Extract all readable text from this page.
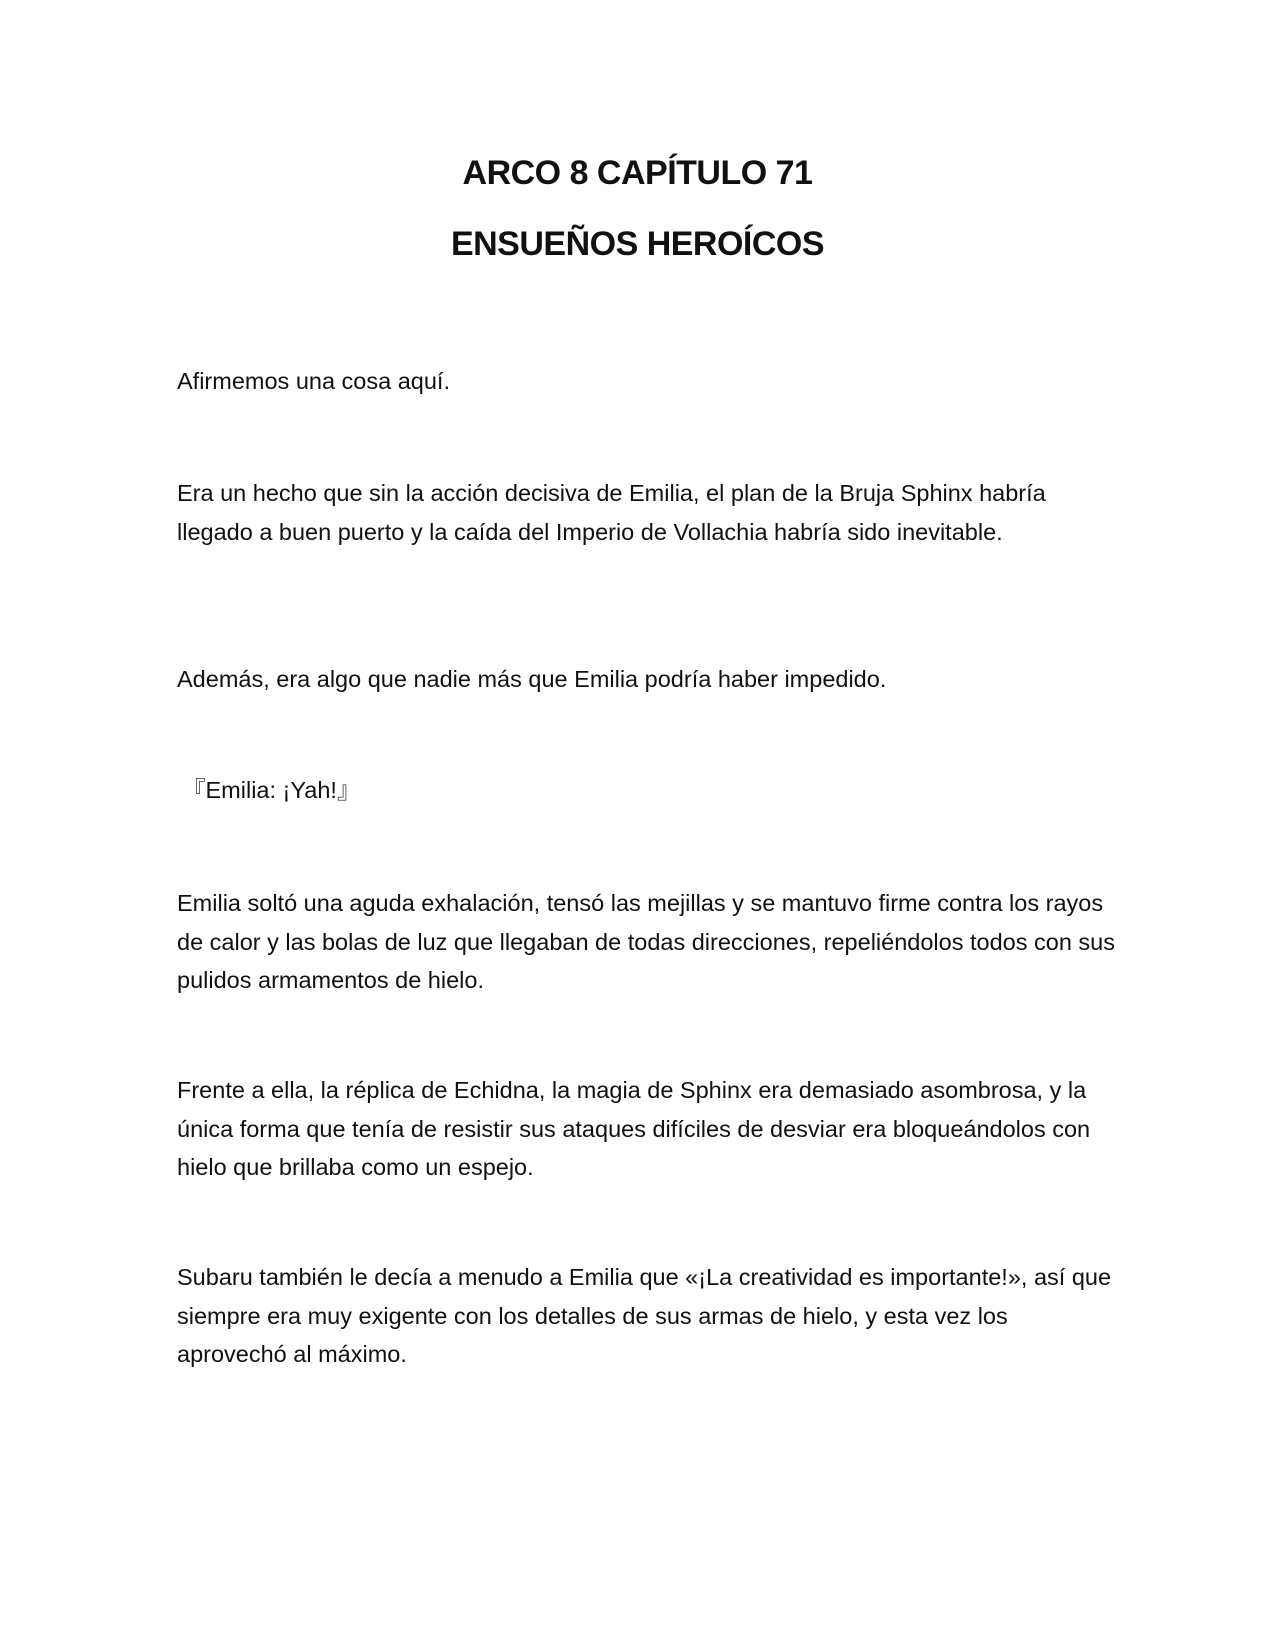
ARCO 8 CAPÍTULO 71
ENSUEÑOS HEROÍCOS

Afirmemos una cosa aquí.

Era un hecho que sin la acción decisiva de Emilia, el plan de la Bruja Sphinx habría llegado a buen puerto y la caída del Imperio de Vollachia habría sido inevitable.

Además, era algo que nadie más que Emilia podría haber impedido.

『Emilia: ¡Yah!』

Emilia soltó una aguda exhalación, tensó las mejillas y se mantuvo firme contra los rayos de calor y las bolas de luz que llegaban de todas direcciones, repeliéndolos todos con sus pulidos armamentos de hielo.

Frente a ella, la réplica de Echidna, la magia de Sphinx era demasiado asombrosa, y la única forma que tenía de resistir sus ataques difíciles de desviar era bloqueándolos con hielo que brillaba como un espejo.

Subaru también le decía a menudo a Emilia que «¡La creatividad es importante!», así que siempre era muy exigente con los detalles de sus armas de hielo, y esta vez los aprovechó al máximo.
